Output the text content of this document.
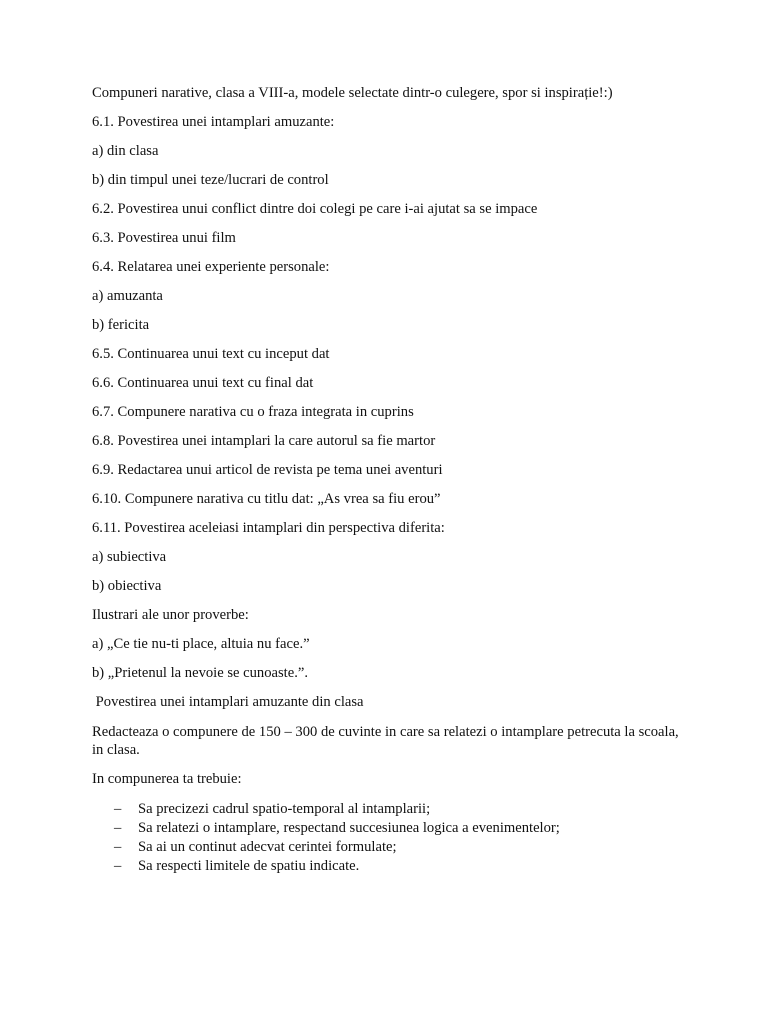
Compuneri narative, clasa a VIII-a, modele selectate dintr-o culegere, spor si inspirație!:)

6.1. Povestirea unei intamplari amuzante:

a) din clasa

b) din timpul unei teze/lucrari de control

6.2. Povestirea unui conflict dintre doi colegi pe care i-ai ajutat sa se impace

6.3. Povestirea unui film

6.4. Relatarea unei experiente personale:

a) amuzanta

b) fericita

6.5. Continuarea unui text cu inceput dat

6.6. Continuarea unui text cu final dat

6.7. Compunere narativa cu o fraza integrata in cuprins

6.8. Povestirea unei intamplari la care autorul sa fie martor

6.9. Redactarea unui articol de revista pe tema unei aventuri

6.10. Compunere narativa cu titlu dat: „As vrea sa fiu erou”

6.11. Povestirea aceleiasi intamplari din perspectiva diferita:

a) subiectiva

b) obiectiva

Ilustrari ale unor proverbe:

a) „Ce tie nu-ti place, altuia nu face.”

b) „Prietenul la nevoie se cunoaste.”.

Povestirea unei intamplari amuzante din clasa

Redacteaza o compunere de 150 – 300 de cuvinte in care sa relatezi o intamplare petrecuta la scoala, in clasa.

In compunerea ta trebuie:

– Sa precizezi cadrul spatio-temporal al intamplarii;
– Sa relatezi o intamplare, respectand succesiunea logica a evenimentelor;
– Sa ai un continut adecvat cerintei formulate;
– Sa respecti limitele de spatiu indicate.
